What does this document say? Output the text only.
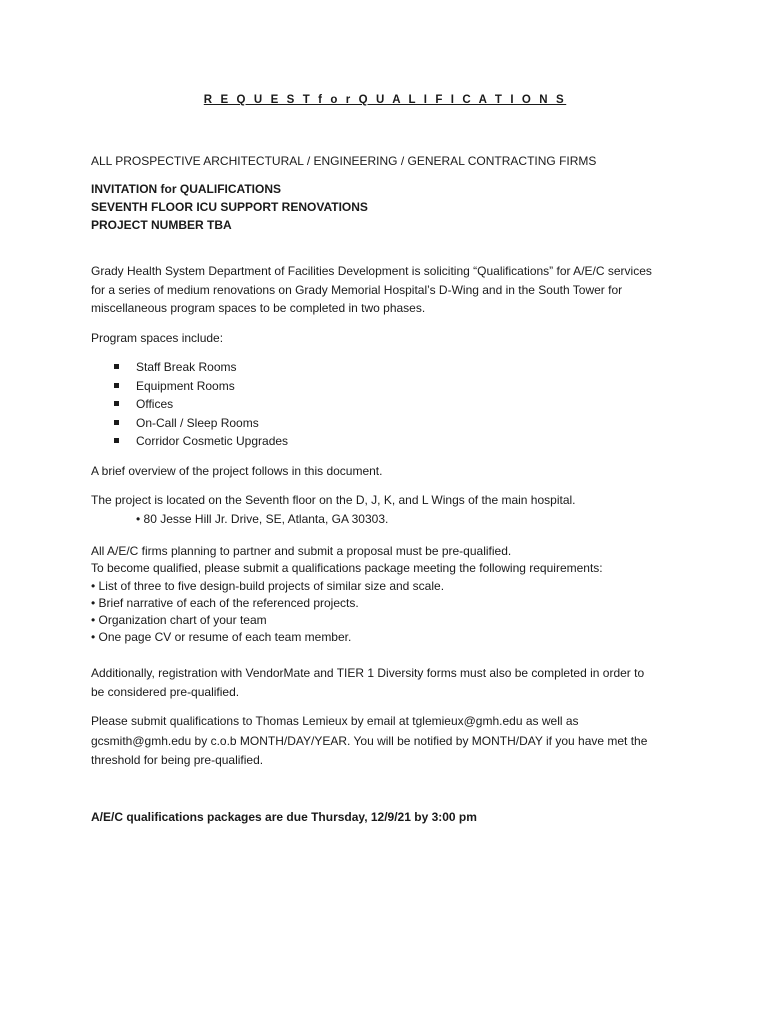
R E Q U E S T f o r Q U A L I F I C A T I O N S
ALL PROSPECTIVE ARCHITECTURAL / ENGINEERING / GENERAL CONTRACTING FIRMS
INVITATION for QUALIFICATIONS
SEVENTH FLOOR ICU SUPPORT RENOVATIONS
PROJECT NUMBER TBA
Grady Health System Department of Facilities Development is soliciting “Qualifications” for A/E/C services
for a series of medium renovations on Grady Memorial Hospital’s D-Wing and in the South Tower for
miscellaneous program spaces to be completed in two phases.
Program spaces include:
Staff Break Rooms
Equipment Rooms
Offices
On-Call / Sleep Rooms
Corridor Cosmetic Upgrades
A brief overview of the project follows in this document.
The project is located on the Seventh floor on the D, J, K, and L Wings of the main hospital.
• 80 Jesse Hill Jr. Drive, SE, Atlanta, GA 30303.
All A/E/C firms planning to partner and submit a proposal must be pre-qualified.
To become qualified, please submit a qualifications package meeting the following requirements:
• List of three to five design-build projects of similar size and scale.
• Brief narrative of each of the referenced projects.
• Organization chart of your team
• One page CV or resume of each team member.
Additionally, registration with VendorMate and TIER 1 Diversity forms must also be completed in order to
be considered pre-qualified.
Please submit qualifications to Thomas Lemieux by email at tglemieux@gmh.edu as well as
gcsmith@gmh.edu by c.o.b MONTH/DAY/YEAR. You will be notified by MONTH/DAY if you have met the
threshold for being pre-qualified.
A/E/C qualifications packages are due Thursday, 12/9/21 by 3:00 pm
